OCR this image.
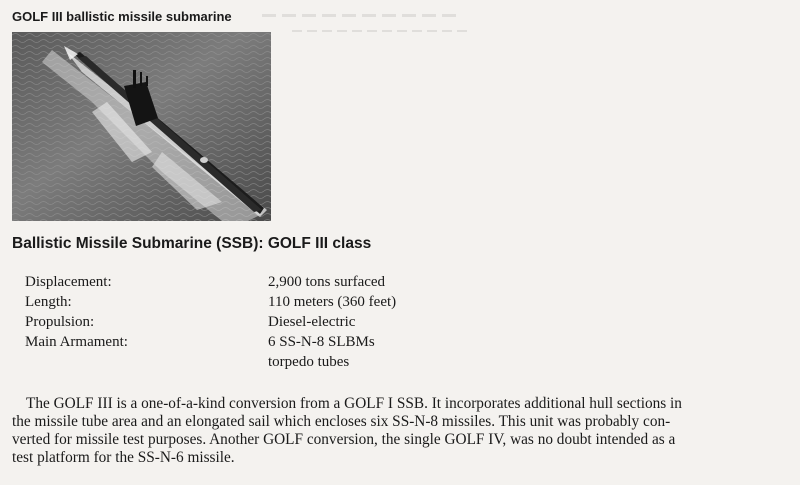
GOLF III ballistic missile submarine
Ballistic Missile Submarine (SSB): GOLF III class
Displacement:	2,900 tons surfaced
Length:	110 meters (360 feet)
Propulsion:	Diesel-electric
Main Armament:	6 SS-N-8 SLBMs
torpedo tubes
The GOLF III is a one-of-a-kind conversion from a GOLF I SSB. It incorporates additional hull sections in
the missile tube area and an elongated sail which encloses six SS-N-8 missiles. This unit was probably con-
verted for missile test purposes. Another GOLF conversion, the single GOLF IV, was no doubt intended as a
test platform for the SS-N-6 missile.
